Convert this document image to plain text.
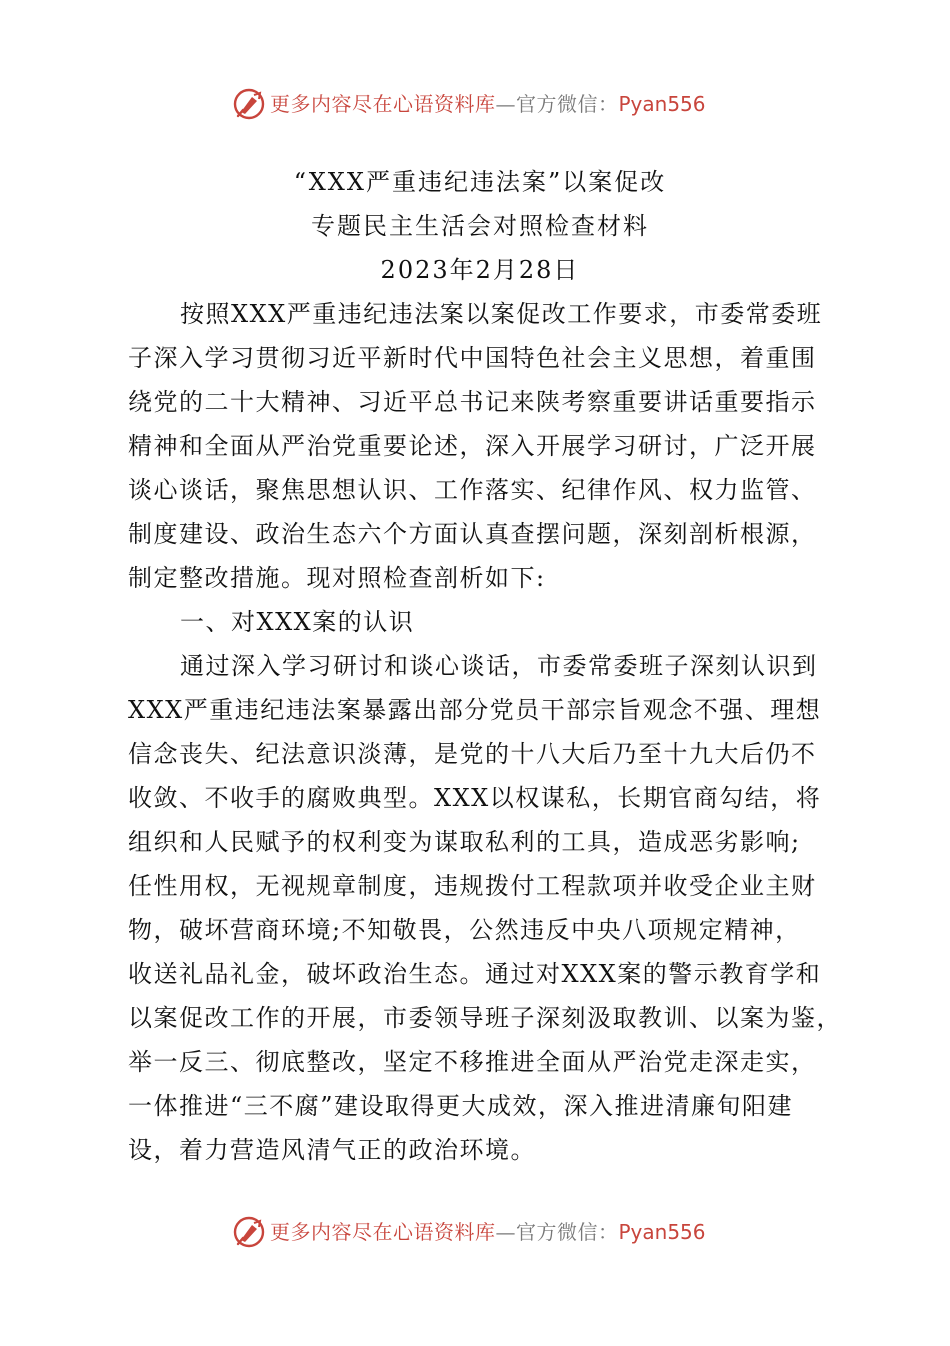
更多内容尽在心语资料库 — 官方微信： Pyan556
“XXX严重违纪违法案”以案促改
专题民主生活会对照检查材料
2023年2月28日

按照XXX严重违纪违法案以案促改工作要求，市委常委班
子深入学习贯彻习近平新时代中国特色社会主义思想，着重围
绕党的二十大精神、习近平总书记来陕考察重要讲话重要指示
精神和全面从严治党重要论述，深入开展学习研讨，广泛开展
谈心谈话，聚焦思想认识、工作落实、纪律作风、权力监管、
制度建设、政治生态六个方面认真查摆问题，深刻剖析根源，
制定整改措施。现对照检查剖析如下:

一、对XXX案的认识

通过深入学习研讨和谈心谈话，市委常委班子深刻认识到
XXX严重违纪违法案暴露出部分党员干部宗旨观念不强、理想
信念丧失、纪法意识淡薄，是党的十八大后乃至十九大后仍不
收敛、不收手的腐败典型。XXX以权谋私，长期官商勾结，将
组织和人民赋予的权利变为谋取私利的工具，造成恶劣影响;
任性用权，无视规章制度，违规拨付工程款项并收受企业主财
物，破坏营商环境;不知敬畏，公然违反中央八项规定精神，
收送礼品礼金，破坏政治生态。通过对XXX案的警示教育学和
以案促改工作的开展，市委领导班子深刻汲取教训、以案为鉴，
举一反三、彻底整改，坚定不移推进全面从严治党走深走实，
一体推进“三不腐”建设取得更大成效，深入推进清廉旬阳建
设，着力营造风清气正的政治环境。

更多内容尽在心语资料库 — 官方微信： Pyan556
